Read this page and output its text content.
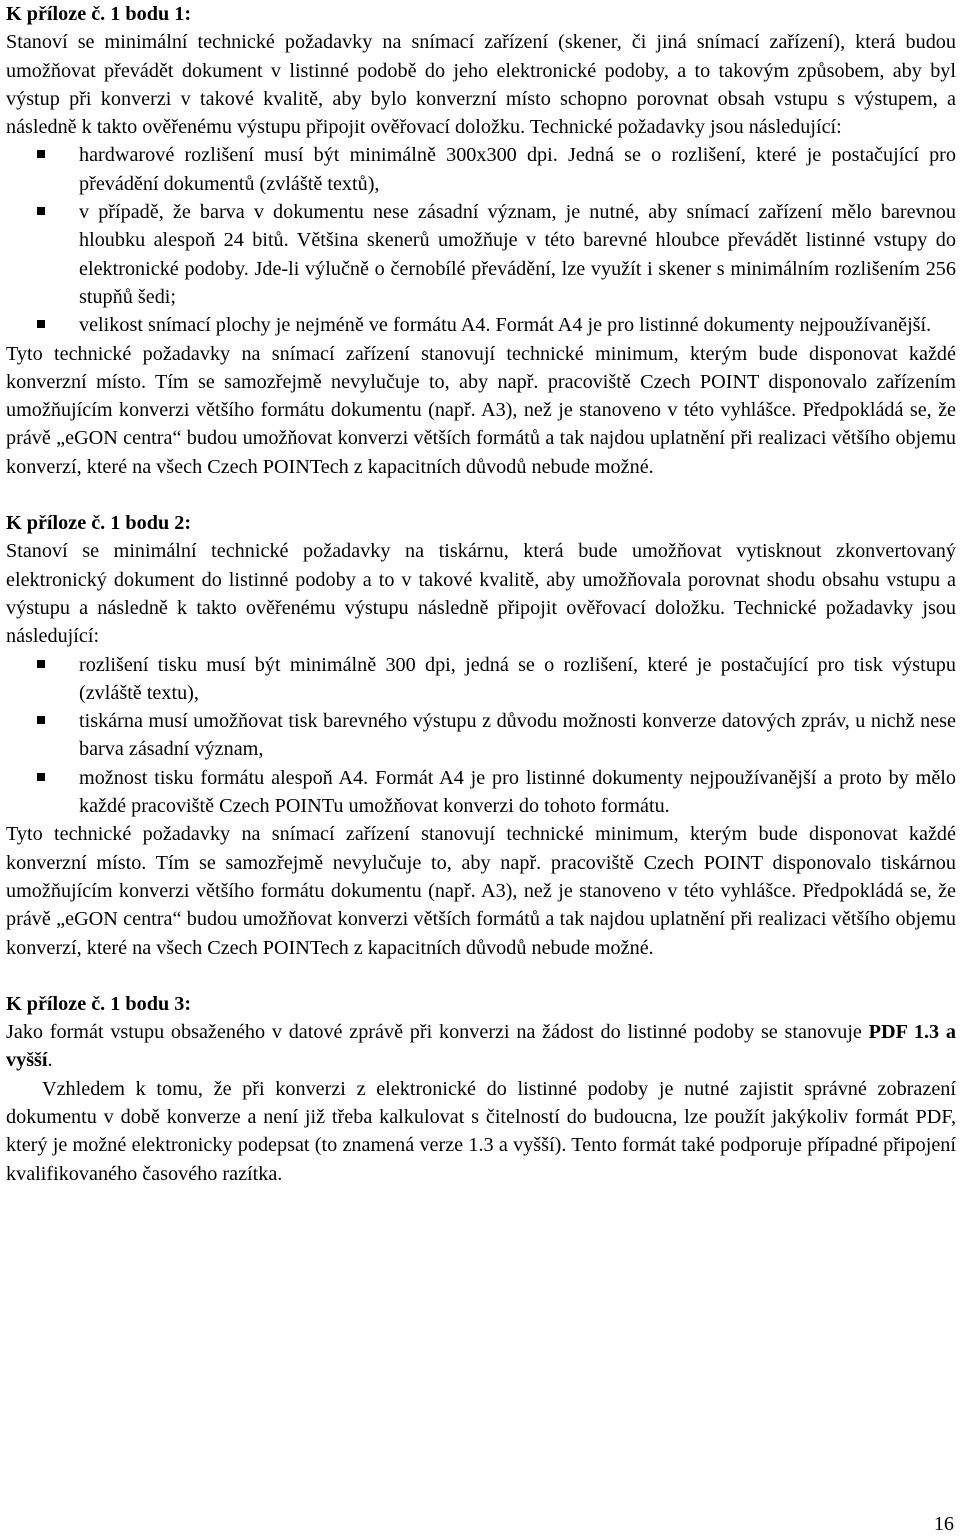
K příloze č. 1 bodu 1:

Stanoví se minimální technické požadavky na snímací zařízení (skener, či jiná snímací zařízení), která budou umožňovat převádět dokument v listinné podobě do jeho elektronické podoby, a to takovým způsobem, aby byl výstup při konverzi v takové kvalitě, aby bylo konverzní místo schopno porovnat obsah vstupu s výstupem, a následně k takto ověřenému výstupu připojit ověřovací doložku. Technické požadavky jsou následující:

hardwarové rozlišení musí být minimálně 300x300 dpi. Jedná se o rozlišení, které je postačující pro převádění dokumentů (zvláště textů),
v případě, že barva v dokumentu nese zásadní význam, je nutné, aby snímací zařízení mělo barevnou hloubku alespoň 24 bitů. Většina skenerů umožňuje v této barevné hloubce převádět listinné vstupy do elektronické podoby. Jde-li výlučně o černobílé převádění, lze využít i skener s minimálním rozlišením 256 stupňů šedi;
velikost snímací plochy je nejméně ve formátu A4. Formát A4 je pro listinné dokumenty nejpoužívanější.

Tyto technické požadavky na snímací zařízení stanovují technické minimum, kterým bude disponovat každé konverzní místo. Tím se samozřejmě nevylučuje to, aby např. pracoviště Czech POINT disponovalo zařízením umožňujícím konverzi většího formátu dokumentu (např. A3), než je stanoveno v této vyhlášce. Předpokládá se, že právě „eGON centra“ budou umožňovat konverzi větších formátů a tak najdou uplatnění při realizaci většího objemu konverzí, které na všech Czech POINTech z kapacitních důvodů nebude možné.

K příloze č. 1 bodu 2:

Stanoví se minimální technické požadavky na tiskárnu, která bude umožňovat vytisknout zkonvertovaný elektronický dokument do listinné podoby a to v takové kvalitě, aby umožňovala porovnat shodu obsahu vstupu a výstupu a následně k takto ověřenému výstupu následně připojit ověřovací doložku. Technické požadavky jsou následující:

rozlišení tisku musí být minimálně 300 dpi, jedná se o rozlišení, které je postačující pro tisk výstupu (zvláště textu),
tiskárna musí umožňovat tisk barevného výstupu z důvodu možnosti konverze datových zpráv, u nichž nese barva zásadní význam,
možnost tisku formátu alespoň A4. Formát A4 je pro listinné dokumenty nejpoužívanější a proto by mělo každé pracoviště Czech POINTu umožňovat konverzi do tohoto formátu.

Tyto technické požadavky na snímací zařízení stanovují technické minimum, kterým bude disponovat každé konverzní místo. Tím se samozřejmě nevylučuje to, aby např. pracoviště Czech POINT disponovalo tiskárnou umožňujícím konverzi většího formátu dokumentu (např. A3), než je stanoveno v této vyhlášce. Předpokládá se, že právě „eGON centra“ budou umožňovat konverzi větších formátů a tak najdou uplatnění při realizaci většího objemu konverzí, které na všech Czech POINTech z kapacitních důvodů nebude možné.

K příloze č. 1 bodu 3:

Jako formát vstupu obsaženého v datové zprávě při konverzi na žádost do listinné podoby se stanovuje PDF 1.3 a vyšší.

Vzhledem k tomu, že při konverzi z elektronické do listinné podoby je nutné zajistit správné zobrazení dokumentu v době konverze a není již třeba kalkulovat s čitelností do budoucna, lze použít jakýkoliv formát PDF, který je možné elektronicky podepsat (to znamená verze 1.3 a vyšší). Tento formát také podporuje případné připojení kvalifikovaného časového razítka.

16
